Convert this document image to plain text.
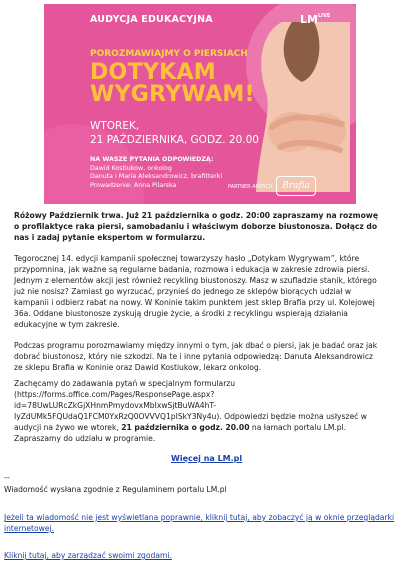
AUDYCJA EDUKACYJNA	$LM^{LIVE}$
POROZMAWIAJMY O PIERSIACH
DOTYKAM
WYGRYWAM!
WTOREK,
21 PAŹDZIERNIKA, GODZ. 20.00
NA WASZE PYTANIA ODPOWIEDZĄ:
Dawid Kostiukow, onkolog
Danuta i Maria Aleksandrowicz, brafitterki
Prowadzenie: Anna Pilarska	PARTNER AUDYCJI: Brafia

Różowy Październik trwa. Już 21 października o godz. 20:00 zapraszamy na rozmowę o profilaktyce raka piersi, samobadaniu i właściwym doborze biustonosza. Dołącz do nas i zadaj pytanie ekspertom w formularzu.

Tegorocznej 14. edycji kampanii społecznej towarzyszy hasło „Dotykam Wygrywam”, które przypomnina, jak ważne są regularne badania, rozmowa i edukacja w zakresie zdrowia piersi. Jednym z elementów akcji jest również recykling biustonoszy. Masz w szufladzie stanik, którego już nie nosisz? Zamiast go wyrzucać, przynieś do jednego ze sklepów biorących udział w kampanii i odbierz rabat na nowy. W Koninie takim punktem jest sklep Brafia przy ul. Kolejowej 36a. Oddane biustonosze zyskują drugie życie, a środki z recyklingu wspierają działania edukacyjne w tym zakresie.

Podczas programu porozmawiamy między innymi o tym, jak dbać o piersi, jak je badać oraz jak dobrać biustonosz, który nie szkodzi. Na te i inne pytania odpowiedzą: Danuta Aleksandrowicz ze sklepu Brafia w Koninie oraz Dawid Kostiukow, lekarz onkolog.

Zachęcamy do zadawania pytań w specjalnym formularzu (https://forms.office.com/Pages/ResponsePage.aspx?id=78UwLURcZkGjXHnmPmydovxMbIxwSjtBuWA4hT-IyZdUMk5FQUdaQ1FCM0YxRzQ0OVVVQ1pISkY3Ny4u). Odpowiedzi będzie można usłyszeć w audycji na żywo we wtorek, 21 października o godz. 20.00 na łamach portalu LM.pl. Zapraszamy do udziału w programie.

Więcej na LM.pl
--
Wiadomość wysłana zgodnie z Regulaminem portalu LM.pl
Jeżeli ta wiadomość nie jest wyświetlana poprawnie, kliknij tutaj, aby zobaczyć ją w oknie przeglądarki internetowej.
Kliknij tutaj, aby zarządzać swoimi zgodami.
